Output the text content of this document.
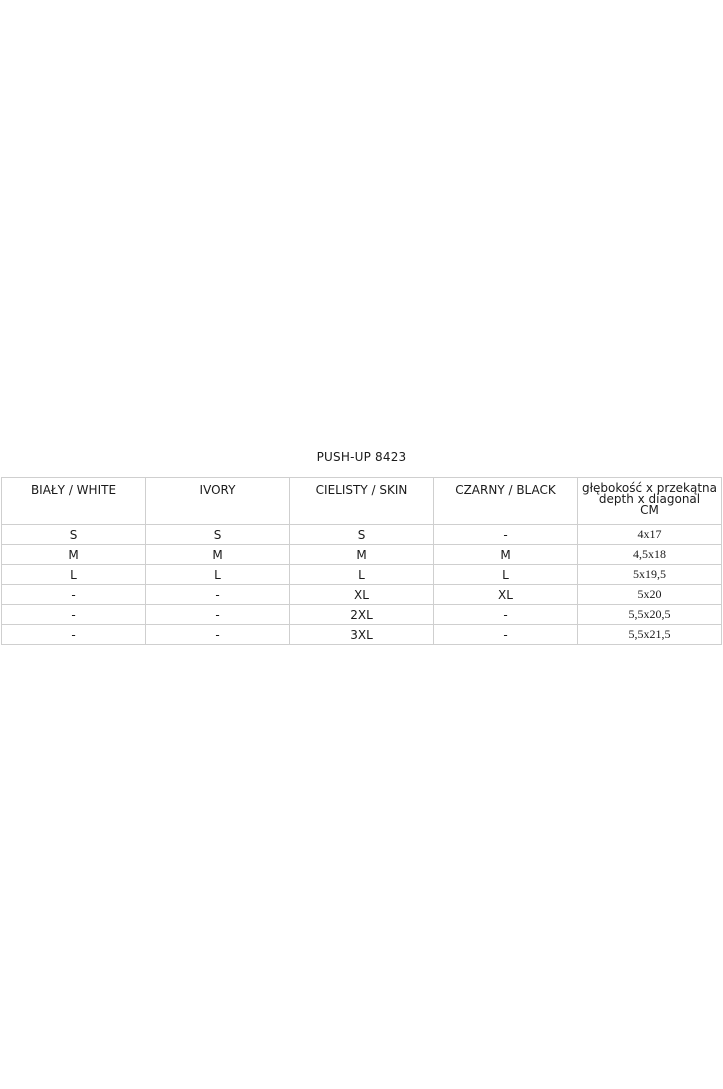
PUSH-UP 8423
BIAŁY / WHITE	IVORY	CIELISTY / SKIN	CZARNY / BLACK	głębokość x przekątna
depth x diagonal
CM

S	S	S	-	4x17
M	M	M	M	4,5x18
L	L	L	L	5x19,5
-	-	XL	XL	5x20
-	-	2XL	-	5,5x20,5
-	-	3XL	-	5,5x21,5
